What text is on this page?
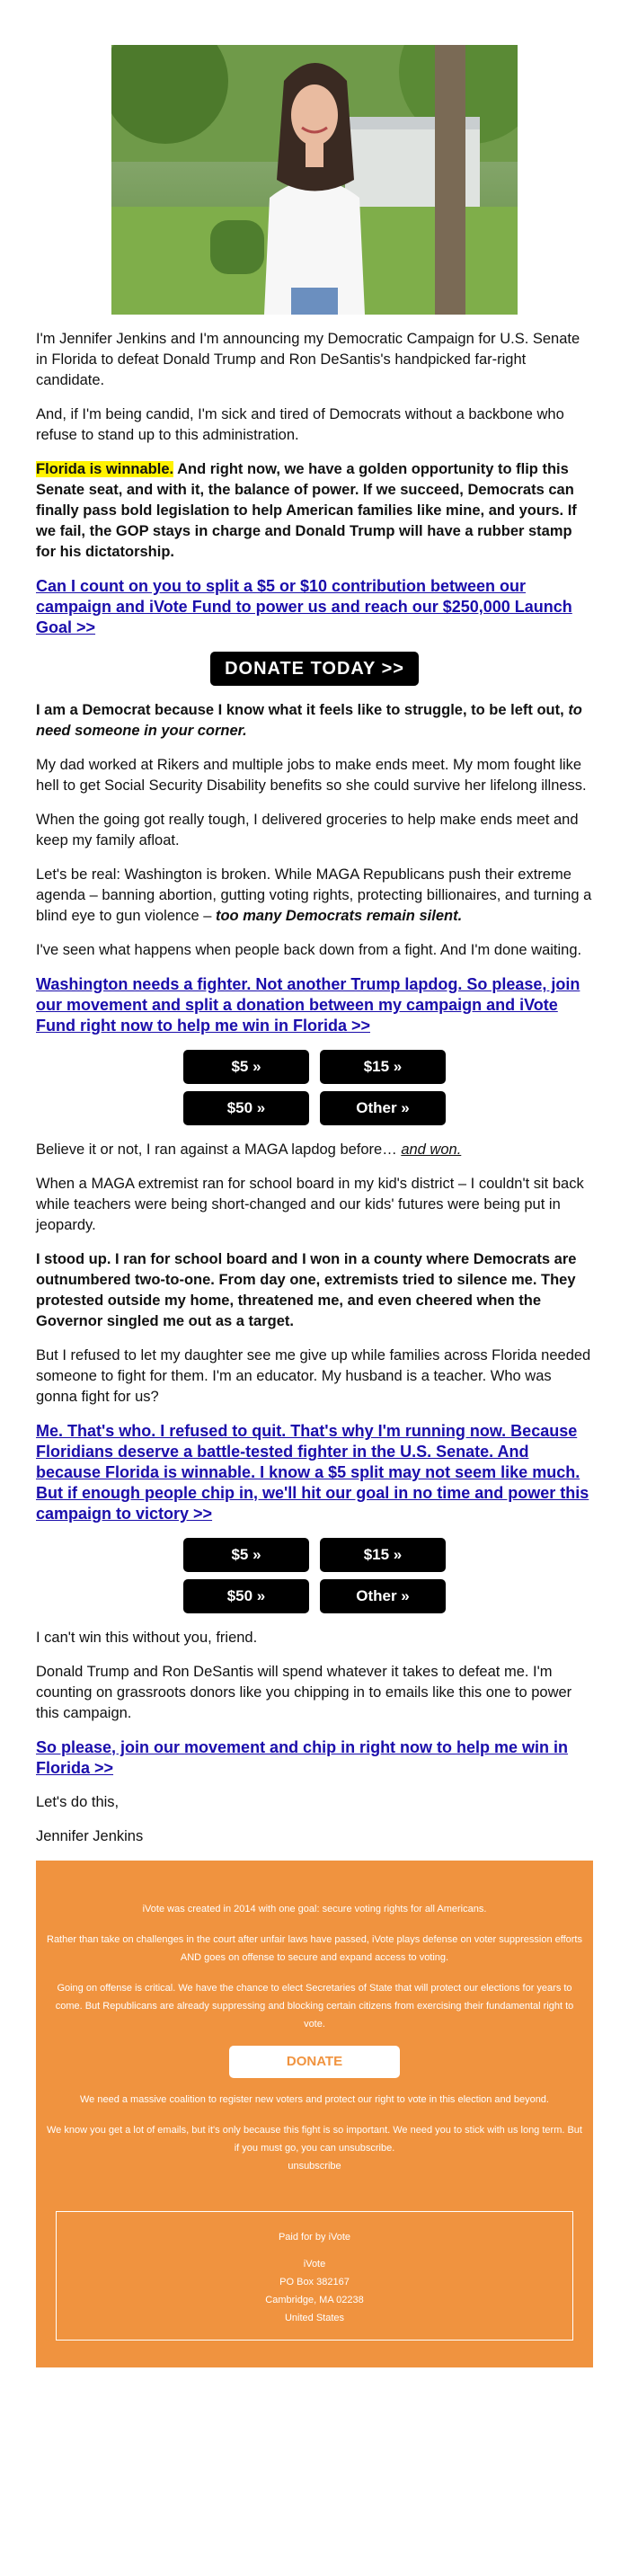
I'm Jennifer Jenkins and I'm announcing my Democratic Campaign for U.S. Senate in Florida to defeat Donald Trump and Ron DeSantis's handpicked far-right candidate.

And, if I'm being candid, I'm sick and tired of Democrats without a backbone who refuse to stand up to this administration.

Florida is winnable. And right now, we have a golden opportunity to flip this Senate seat, and with it, the balance of power. If we succeed, Democrats can finally pass bold legislation to help American families like mine, and yours. If we fail, the GOP stays in charge and Donald Trump will have a rubber stamp for his dictatorship.

Can I count on you to split a $5 or $10 contribution between our campaign and iVote Fund to power us and reach our $250,000 Launch Goal >>
DONATE TODAY >>

I am a Democrat because I know what it feels like to struggle, to be left out, to need someone in your corner.

My dad worked at Rikers and multiple jobs to make ends meet. My mom fought like hell to get Social Security Disability benefits so she could survive her lifelong illness.

When the going got really tough, I delivered groceries to help make ends meet and keep my family afloat.

Let's be real: Washington is broken. While MAGA Republicans push their extreme agenda – banning abortion, gutting voting rights, protecting billionaires, and turning a blind eye to gun violence – too many Democrats remain silent.

I've seen what happens when people back down from a fight. And I'm done waiting.

Washington needs a fighter. Not another Trump lapdog. So please, join our movement and split a donation between my campaign and iVote Fund right now to help me win in Florida >>
$5 »	$15 »
$50 »	Other »

Believe it or not, I ran against a MAGA lapdog before… and won.

When a MAGA extremist ran for school board in my kid's district – I couldn't sit back while teachers were being short-changed and our kids' futures were being put in jeopardy.

I stood up. I ran for school board and I won in a county where Democrats are outnumbered two-to-one. From day one, extremists tried to silence me. They protested outside my home, threatened me, and even cheered when the Governor singled me out as a target.

But I refused to let my daughter see me give up while families across Florida needed someone to fight for them. I'm an educator. My husband is a teacher. Who was gonna fight for us?

Me. That's who. I refused to quit. That's why I'm running now. Because Floridians deserve a battle-tested fighter in the U.S. Senate. And because Florida is winnable. I know a $5 split may not seem like much. But if enough people chip in, we'll hit our goal in no time and power this campaign to victory >>
$5 »	$15 »
$50 »	Other »

I can't win this without you, friend.

Donald Trump and Ron DeSantis will spend whatever it takes to defeat me. I'm counting on grassroots donors like you chipping in to emails like this one to power this campaign.

So please, join our movement and chip in right now to help me win in Florida >>

Let's do this,

Jennifer Jenkins

iVote was created in 2014 with one goal: secure voting rights for all Americans.

Rather than take on challenges in the court after unfair laws have passed, iVote plays defense on voter suppression efforts AND goes on offense to secure and expand access to voting.

Going on offense is critical. We have the chance to elect Secretaries of State that will protect our elections for years to come. But Republicans are already suppressing and blocking certain citizens from exercising their fundamental right to vote.

DONATE

We need a massive coalition to register new voters and protect our right to vote in this election and beyond.

We know you get a lot of emails, but it's only because this fight is so important. We need you to stick with us long term. But if you must go, you can unsubscribe.

unsubscribe

Paid for by iVote
iVote
PO Box 382167
Cambridge, MA 02238
United States
